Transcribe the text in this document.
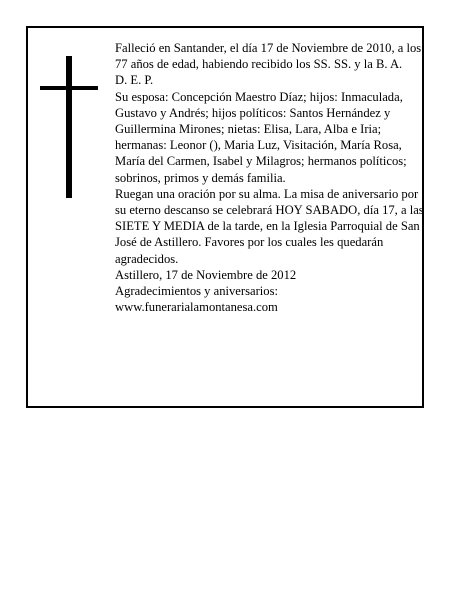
Falleció en Santander, el día 17 de Noviembre de 2010, a los 77 años de edad, habiendo recibido los SS. SS. y la B. A.

D. E. P.

Su esposa: Concepción Maestro Díaz; hijos: Inmaculada, Gustavo y Andrés; hijos políticos: Santos Hernández y Guillermina Mirones; nietas: Elisa, Lara, Alba e Iria; hermanas: Leonor (), Maria Luz, Visitación, María Rosa, María del Carmen, Isabel y Milagros; hermanos políticos; sobrinos, primos y demás familia.

Ruegan una oración por su alma. La misa de aniversario por su eterno descanso se celebrará HOY SABADO, día 17, a las SIETE Y MEDIA de la tarde, en la Iglesia Parroquial de San José de Astillero. Favores por los cuales les quedarán agradecidos.

Astillero, 17 de Noviembre de 2012

Agradecimientos y aniversarios:

www.funerarialamontanesa.com
